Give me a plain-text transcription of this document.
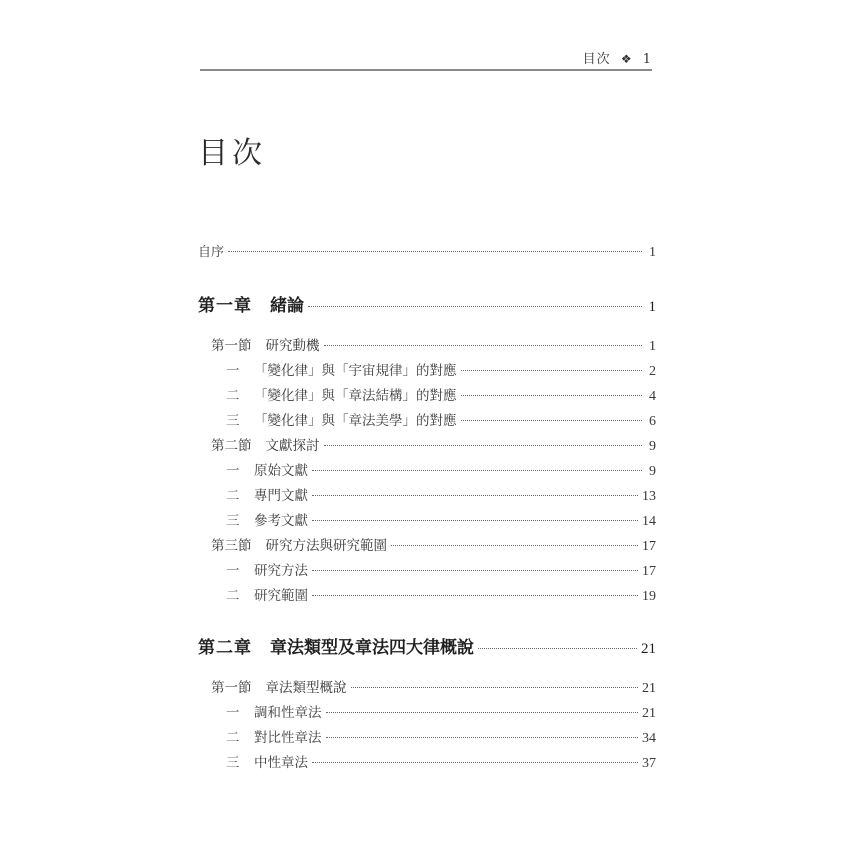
目次 ❖ 1
目次
自序	1
第一章 緒論	1
第一節 研究動機	1
一	「變化律」與「宇宙規律」的對應	2
二	「變化律」與「章法結構」的對應	4
三	「變化律」與「章法美學」的對應	6
第二節 文獻探討	9
一	原始文獻	9
二	專門文獻	13
三	參考文獻	14
第三節 研究方法與研究範圍	17
一	研究方法	17
二	研究範圍	19
第二章 章法類型及章法四大律概說	21
第一節 章法類型概說	21
一	調和性章法	21
二	對比性章法	34
三	中性章法	37
